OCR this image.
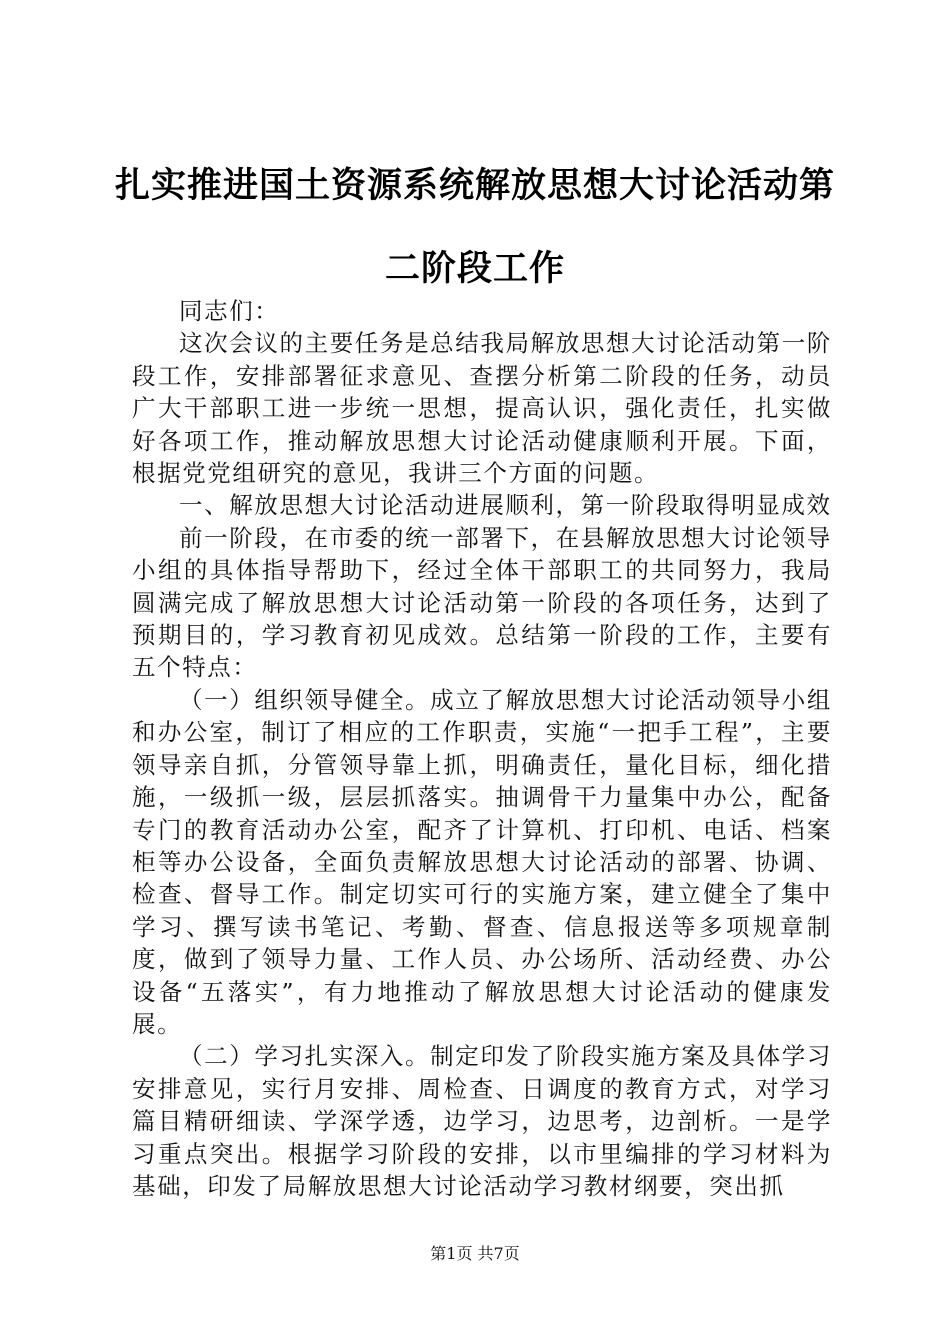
扎实推进国土资源系统解放思想大讨论活动第
二阶段工作

同志们：

这次会议的主要任务是总结我局解放思想大讨论活动第一阶段工作，安排部署征求意见、查摆分析第二阶段的任务，动员广大干部职工进一步统一思想，提高认识，强化责任，扎实做好各项工作，推动解放思想大讨论活动健康顺利开展。下面，根据党党组研究的意见，我讲三个方面的问题。

一、解放思想大讨论活动进展顺利，第一阶段取得明显成效

前一阶段，在市委的统一部署下，在县解放思想大讨论领导小组的具体指导帮助下，经过全体干部职工的共同努力，我局圆满完成了解放思想大讨论活动第一阶段的各项任务，达到了预期目的，学习教育初见成效。总结第一阶段的工作，主要有五个特点：

（一）组织领导健全。成立了解放思想大讨论活动领导小组和办公室，制订了相应的工作职责，实施“一把手工程”，主要领导亲自抓，分管领导靠上抓，明确责任，量化目标，细化措施，一级抓一级，层层抓落实。抽调骨干力量集中办公，配备专门的教育活动办公室，配齐了计算机、打印机、电话、档案柜等办公设备，全面负责解放思想大讨论活动的部署、协调、检查、督导工作。制定切实可行的实施方案，建立健全了集中学习、撰写读书笔记、考勤、督查、信息报送等多项规章制度，做到了领导力量、工作人员、办公场所、活动经费、办公设备“五落实”，有力地推动了解放思想大讨论活动的健康发展。

（二）学习扎实深入。制定印发了阶段实施方案及具体学习安排意见，实行月安排、周检查、日调度的教育方式，对学习篇目精研细读、学深学透，边学习，边思考，边剖析。一是学习重点突出。根据学习阶段的安排，以市里编排的学习材料为基础，印发了局解放思想大讨论活动学习教材纲要，突出抓

第1页 共7页
